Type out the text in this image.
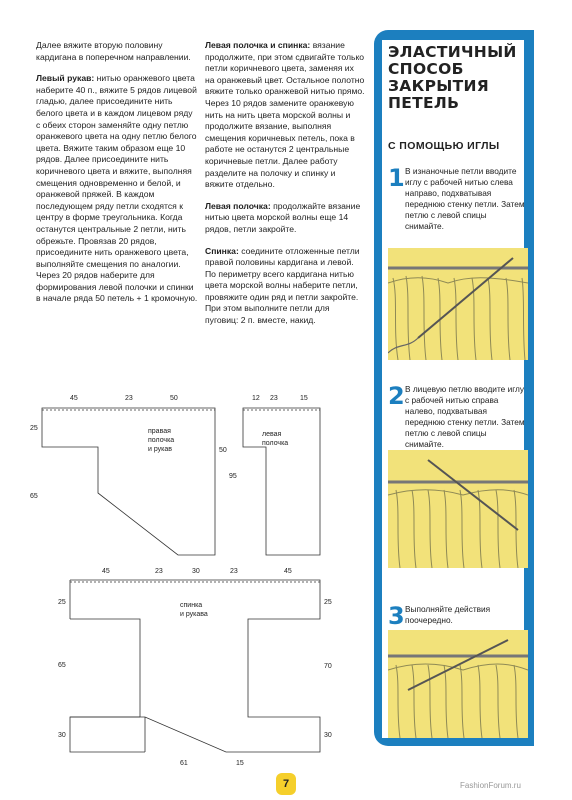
Далее вяжите вторую половину кардигана в поперечном направлении.

Левый рукав: нитью оранжевого цвета наберите 40 п., вяжите 5 рядов лицевой гладью, далее присоедините нить белого цвета и в каждом лицевом ряду с обеих сторон заменяйте одну петлю оранжевого цвета на одну петлю белого цвета. Вяжите таким образом еще 10 рядов. Далее присоедините нить коричневого цвета и вяжите, выполняя смещения одновременно и белой, и оранжевой пряжей. В каждом последующем ряду петли сходятся к центру в форме треугольника. Когда останутся центральные 2 петли, нить обрежьте. Провязав 20 рядов, присоедините нить оранжевого цвета, выполняйте смещения по аналогии. Через 20 рядов наберите для формирования левой полочки и спинки в начале ряда 50 петель + 1 кромочную.

Левая полочка и спинка: вязание продолжите, при этом сдвигайте только петли коричневого цвета, заменяя их на оранжевый цвет. Остальное полотно вяжите только оранжевой нитью прямо. Через 10 рядов замените оранжевую нить на нить цвета морской волны и продолжите вязание, выполняя смещения коричневых петель, пока в работе не останутся 2 центральные коричневые петли. Далее работу разделите на полочку и спинку и вяжите отдельно.

Левая полочка: продолжайте вязание нитью цвета морской волны еще 14 рядов, петли закройте.

Спинка: соедините отложенные петли правой половины кардигана и левой. По периметру всего кардигана нитью цвета морской волны наберите петли, провяжите один ряд и петли закройте. При этом выполните петли для пуговиц: 2 п. вместе, накид.

45	23	50
25
65
50
правая
полочка
и рукав
12 23	15
95
левая
полочка
45	23	30	23	45
25
65
30
25
70
30
61	15
спинка
и рукава
ЭЛАСТИЧНЫЙ
СПОСОБ
ЗАКРЫТИЯ
ПЕТЕЛЬ
С ПОМОЩЬЮ ИГЛЫ
1 В изнаночные петли вводите иглу с рабочей нитью слева направо, подхватывая переднюю стенку петли. Затем петлю с левой спицы снимайте.
2 В лицевую петлю вводите иглу с рабочей нитью справа налево, подхватывая переднюю стенку петли. Затем петлю с левой спицы снимайте.
3 Выполняйте действия поочередно.
7	FashionForum.ru
